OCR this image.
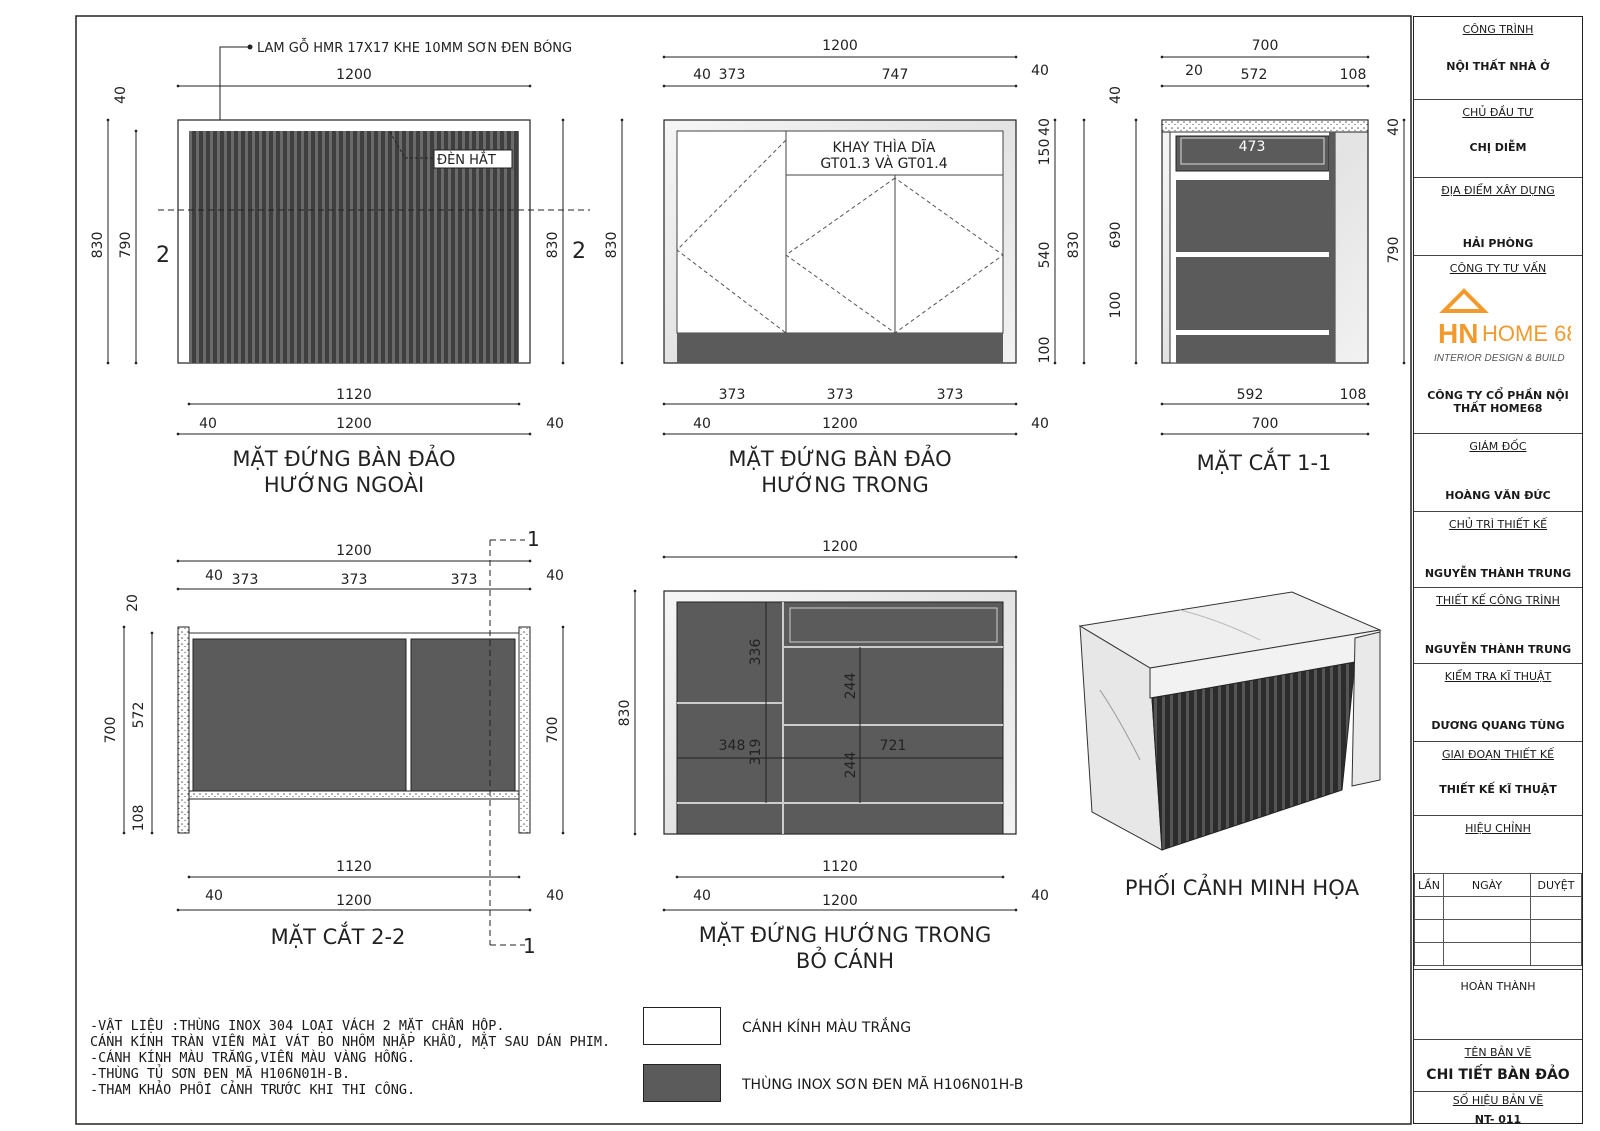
1200
LAM GỖ HMR 17X17 KHE 10MM SƠN ĐEN BÓNG
ĐÈN HẮT
830 790
40
830
2	2
1120
1200
40	40
MẶT ĐỨNG BÀN ĐẢO
HƯỚNG NGOÀI
1200
40 373	747	40
KHAY THÌA DĨA
GT01.3 VÀ GT01.4
830
40
150
540
100
830
373	373	373
1200
40	40
MẶT ĐỨNG BÀN ĐẢO
HƯỚNG TRONG
700
20	572	108
473
40
690
100
40
790
592	108
700
MẶT CẮT 1-1
1200
40 373	373	373	40
1
1
20
700
572
108
700
1120
1200
40	40
MẶT CẮT 2-2
1200
336
244
348 319	721
244
830
1120
1200
40	40
MẶT ĐỨNG HƯỚNG TRONG
BỎ CÁNH
PHỐI CẢNH MINH HỌA
-VẬT LIỆU :THÙNG INOX 304 LOẠI VÁCH 2 MẶT CHẤN HỘP.
CÁNH KÍNH TRÀN VIỀN MÀI VÁT BO NHÔM NHẬP KHẨU, MẶT SAU DÁN PHIM.
-CÁNH KÍNH MÀU TRẮNG,VIỀN MÀU VÀNG HỒNG.
-THÙNG TỦ SƠN ĐEN MÃ H106N01H-B.
-THAM KHẢO PHỐI CẢNH TRƯỚC KHI THI CÔNG.
CÁNH KÍNH MÀU TRẮNG
THÙNG INOX SƠN ĐEN MÃ H106N01H-B
CÔNG TRÌNH
NỘI THẤT NHÀ Ở
CHỦ ĐẦU TƯ
CHỊ DIỄM
ĐỊA ĐIỂM XÂY DỰNG
HẢI PHÒNG
CÔNG TY TƯ VẤN
HN HOME 68
INTERIOR DESIGN & BUILD
CÔNG TY CỔ PHẦN NỘI THẤT HOME68
GIÁM ĐỐC
HOÀNG VĂN ĐỨC
CHỦ TRÌ THIẾT KẾ
NGUYỄN THÀNH TRUNG
THIẾT KẾ CÔNG TRÌNH
NGUYỄN THÀNH TRUNG
KIỂM TRA KĨ THUẬT
DƯƠNG QUANG TÙNG
GIAI ĐOẠN THIẾT KẾ
THIẾT KẾ KĨ THUẬT
HIỆU CHỈNH
LẦN	NGÀY	DUYỆT

HOÀN THÀNH
TÊN BẢN VẼ
CHI TIẾT BÀN ĐẢO
SỐ HIỆU BẢN VẼ
NT- 011
